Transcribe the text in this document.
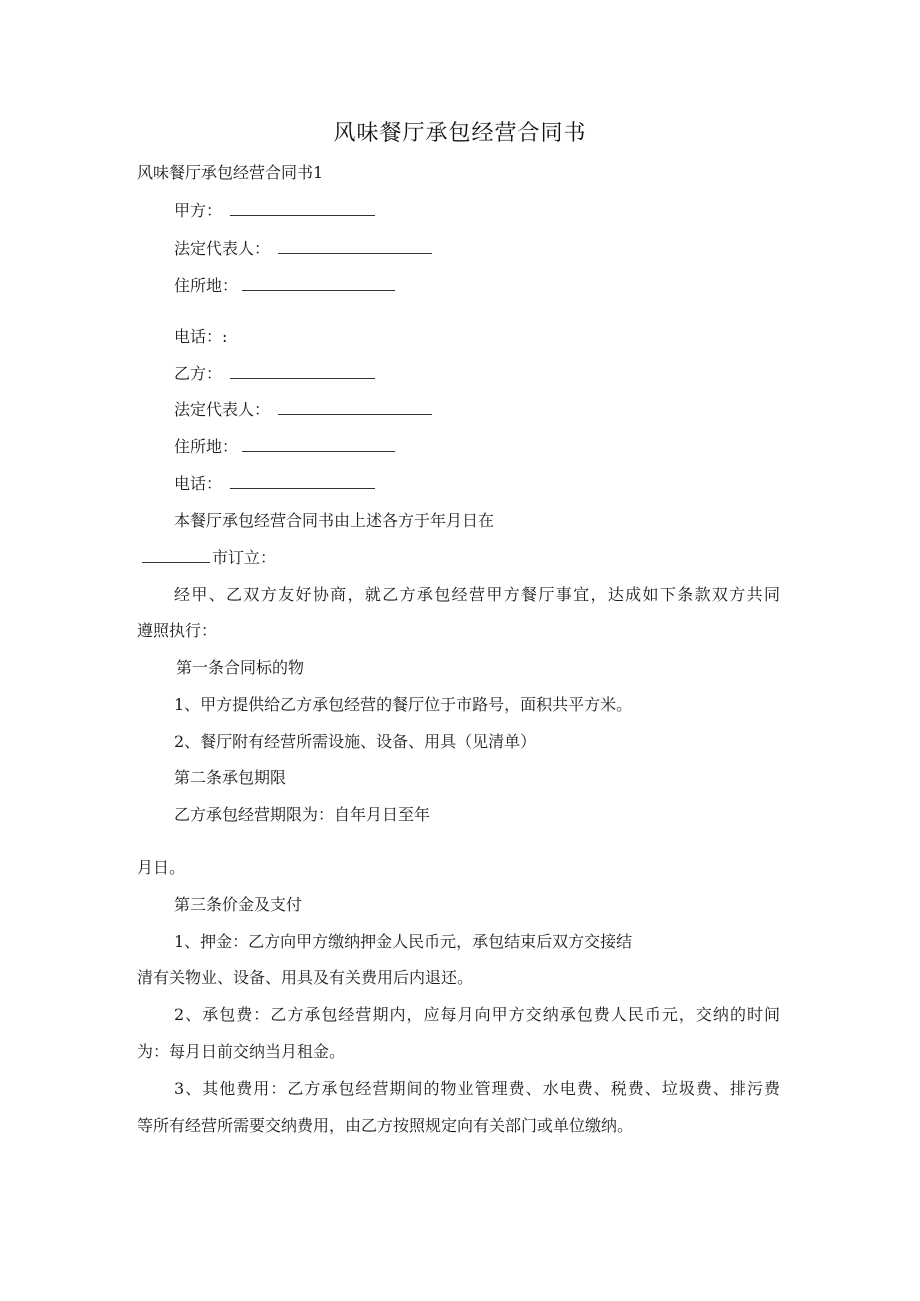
风味餐厅承包经营合同书
风味餐厅承包经营合同书1
甲方：
法定代表人：
住所地：
电话：:
乙方：
法定代表人：
住所地：
电话：
本餐厅承包经营合同书由上述各方于年月日在
市订立：
经甲、乙双方友好协商，就乙方承包经营甲方餐厅事宜，达成如下条款双方共同
遵照执行：
第一条合同标的物
1、甲方提供给乙方承包经营的餐厅位于市路号，面积共平方米。
2、餐厅附有经营所需设施、设备、用具（见清单）
第二条承包期限
乙方承包经营期限为：自年月日至年
月日。
第三条价金及支付
1、押金：乙方向甲方缴纳押金人民币元，承包结束后双方交接结
清有关物业、设备、用具及有关费用后内退还。
2、承包费：乙方承包经营期内，应每月向甲方交纳承包费人民币元，交纳的时间
为：每月日前交纳当月租金。
3、其他费用：乙方承包经营期间的物业管理费、水电费、税费、垃圾费、排污费
等所有经营所需要交纳费用，由乙方按照规定向有关部门或单位缴纳。
